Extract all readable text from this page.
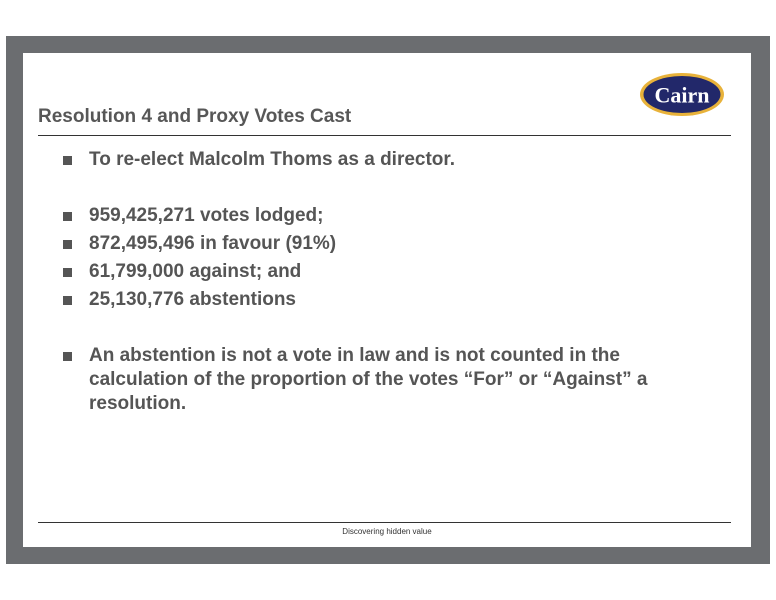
Cairn
Resolution 4 and Proxy Votes Cast
To re-elect Malcolm Thoms as a director.
959,425,271 votes lodged;
872,495,496 in favour (91%)
61,799,000 against; and
25,130,776 abstentions
An abstention is not a vote in law and is not counted in the calculation of the proportion of the votes “For” or “Against” a resolution.
Discovering hidden value
